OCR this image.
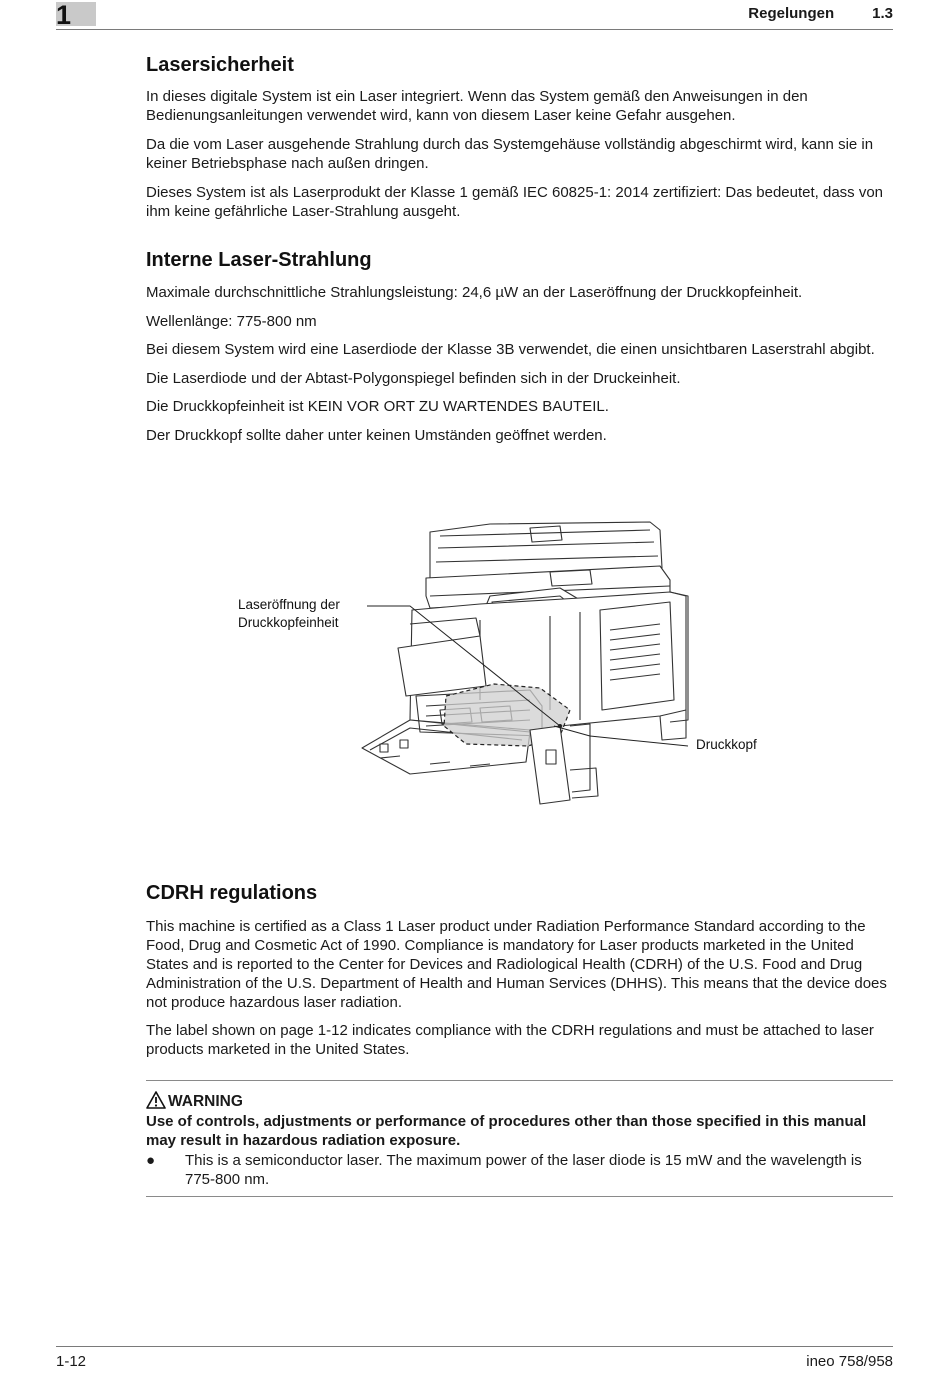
1	Regelungen	1.3
Lasersicherheit

In dieses digitale System ist ein Laser integriert. Wenn das System gemäß den Anweisungen in den Bedienungsanleitungen verwendet wird, kann von diesem Laser keine Gefahr ausgehen.

Da die vom Laser ausgehende Strahlung durch das Systemgehäuse vollständig abgeschirmt wird, kann sie in keiner Betriebsphase nach außen dringen.

Dieses System ist als Laserprodukt der Klasse 1 gemäß IEC 60825-1: 2014 zertifiziert: Das bedeutet, dass von ihm keine gefährliche Laser-Strahlung ausgeht.

Interne Laser-Strahlung

Maximale durchschnittliche Strahlungsleistung: 24,6 µW an der Laseröffnung der Druckkopfeinheit.

Wellenlänge: 775-800 nm

Bei diesem System wird eine Laserdiode der Klasse 3B verwendet, die einen unsichtbaren Laserstrahl abgibt.

Die Laserdiode und der Abtast-Polygonspiegel befinden sich in der Druckeinheit.

Die Druckkopfeinheit ist KEIN VOR ORT ZU WARTENDES BAUTEIL.

Der Druckkopf sollte daher unter keinen Umständen geöffnet werden.

Laseröffnung der
Druckkopfeinheit
Druckkopf
CDRH regulations

This machine is certified as a Class 1 Laser product under Radiation Performance Standard according to the Food, Drug and Cosmetic Act of 1990. Compliance is mandatory for Laser products marketed in the United States and is reported to the Center for Devices and Radiological Health (CDRH) of the U.S. Food and Drug Administration of the U.S. Department of Health and Human Services (DHHS). This means that the device does not produce hazardous laser radiation.

The label shown on page 1-12 indicates compliance with the CDRH regulations and must be attached to laser products marketed in the United States.

WARNING
Use of controls, adjustments or performance of procedures other than those specified in this manual may result in hazardous radiation exposure.
● This is a semiconductor laser. The maximum power of the laser diode is 15 mW and the wavelength is 775-800 nm.
1-12	ineo 758/958
